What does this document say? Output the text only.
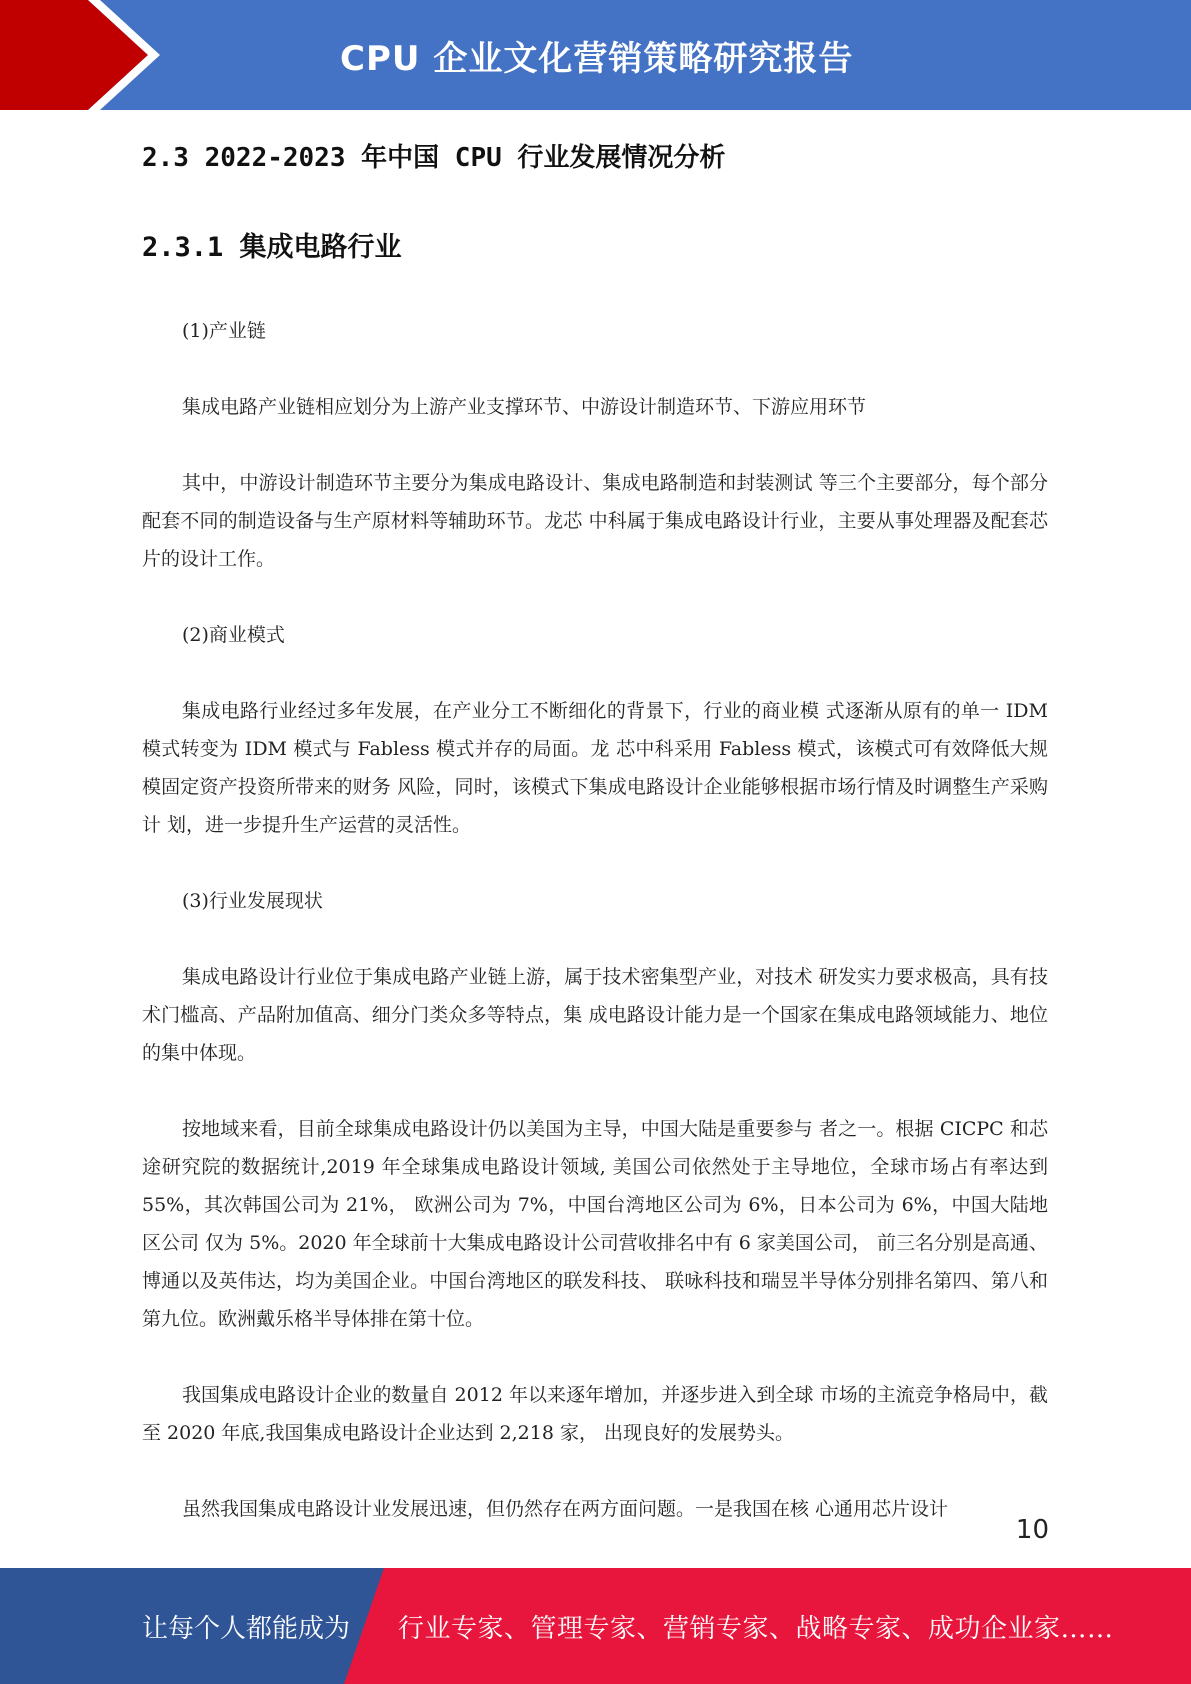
CPU 企业文化营销策略研究报告
2.3 2022-2023 年中国 CPU 行业发展情况分析
2.3.1 集成电路行业

(1)产业链

集成电路产业链相应划分为上游产业支撑环节、中游设计制造环节、下游应用环节

其中，中游设计制造环节主要分为集成电路设计、集成电路制造和封装测试 等三个主要部分，每个部分配套不同的制造设备与生产原材料等辅助环节。龙芯 中科属于集成电路设计行业，主要从事处理器及配套芯片的设计工作。

(2)商业模式

集成电路行业经过多年发展，在产业分工不断细化的背景下，行业的商业模 式逐渐从原有的单一 IDM 模式转变为 IDM 模式与 Fabless 模式并存的局面。龙 芯中科采用 Fabless 模式，该模式可有效降低大规模固定资产投资所带来的财务 风险，同时，该模式下集成电路设计企业能够根据市场行情及时调整生产采购计 划，进一步提升生产运营的灵活性。

(3)行业发展现状

集成电路设计行业位于集成电路产业链上游，属于技术密集型产业，对技术 研发实力要求极高，具有技术门槛高、产品附加值高、细分门类众多等特点，集 成电路设计能力是一个国家在集成电路领域能力、地位的集中体现。

按地域来看，目前全球集成电路设计仍以美国为主导，中国大陆是重要参与 者之一。根据 CICPC 和芯途研究院的数据统计,2019 年全球集成电路设计领域, 美国公司依然处于主导地位，全球市场占有率达到 55%，其次韩国公司为 21%， 欧洲公司为 7%，中国台湾地区公司为 6%，日本公司为 6%，中国大陆地区公司 仅为 5%。2020 年全球前十大集成电路设计公司营收排名中有 6 家美国公司， 前三名分别是高通、博通以及英伟达，均为美国企业。中国台湾地区的联发科技、 联咏科技和瑞昱半导体分别排名第四、第八和第九位。欧洲戴乐格半导体排在第十位。

我国集成电路设计企业的数量自 2012 年以来逐年增加，并逐步进入到全球 市场的主流竞争格局中，截至 2020 年底,我国集成电路设计企业达到 2,218 家， 出现良好的发展势头。

虽然我国集成电路设计业发展迅速，但仍然存在两方面问题。一是我国在核 心通用芯片设计

10
让每个人都能成为 行业专家、管理专家、营销专家、战略专家、成功企业家……
